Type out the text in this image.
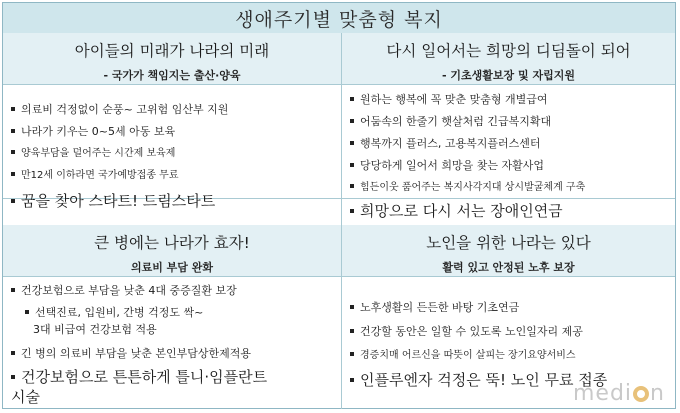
생애주기별 맞춤형 복지
아이들의 미래가 나라의 미래
- 국가가 책임지는 출산·양육
의료비 걱정없이 순풍~ 고위험 임산부 지원
나라가 키우는 0~5세 아동 보육
양육부담을 덜어주는 시간제 보육제
만12세 이하라면 국가예방접종 무료
꿈을 찾아 스타트! 드림스타트
다시 일어서는 희망의 디딤돌이 되어
- 기초생활보장 및 자립지원
원하는 행복에 꼭 맞춘 맞춤형 개별급여
어둠속의 한줄기 햇살처럼 긴급복지확대
행복까지 플러스, 고용복지플러스센터
당당하게 일어서 희망을 찾는 자활사업
힘든이웃 품어주는 복지사각지대 상시발굴체계 구축
희망으로 다시 서는 장애인연금
큰 병에는 나라가 효자!
의료비 부담 완화
건강보험으로 부담을 낮춘 4대 중증질환 보장
선택진료, 입원비, 간병 걱정도 싹~
3대 비급여 건강보험 적용
긴 병의 의료비 부담을 낮춘 본인부담상한제적용
건강보험으로 튼튼하게 틀니·임플란트
시술
노인을 위한 나라는 있다
활력 있고 안정된 노후 보장
노후생활의 든든한 바탕 기초연금
건강할 동안은 일할 수 있도록 노인일자리 제공
경증치매 어르신을 따뜻이 살피는 장기요양서비스
인플루엔자 걱정은 뚝! 노인 무료 접종
medi n
